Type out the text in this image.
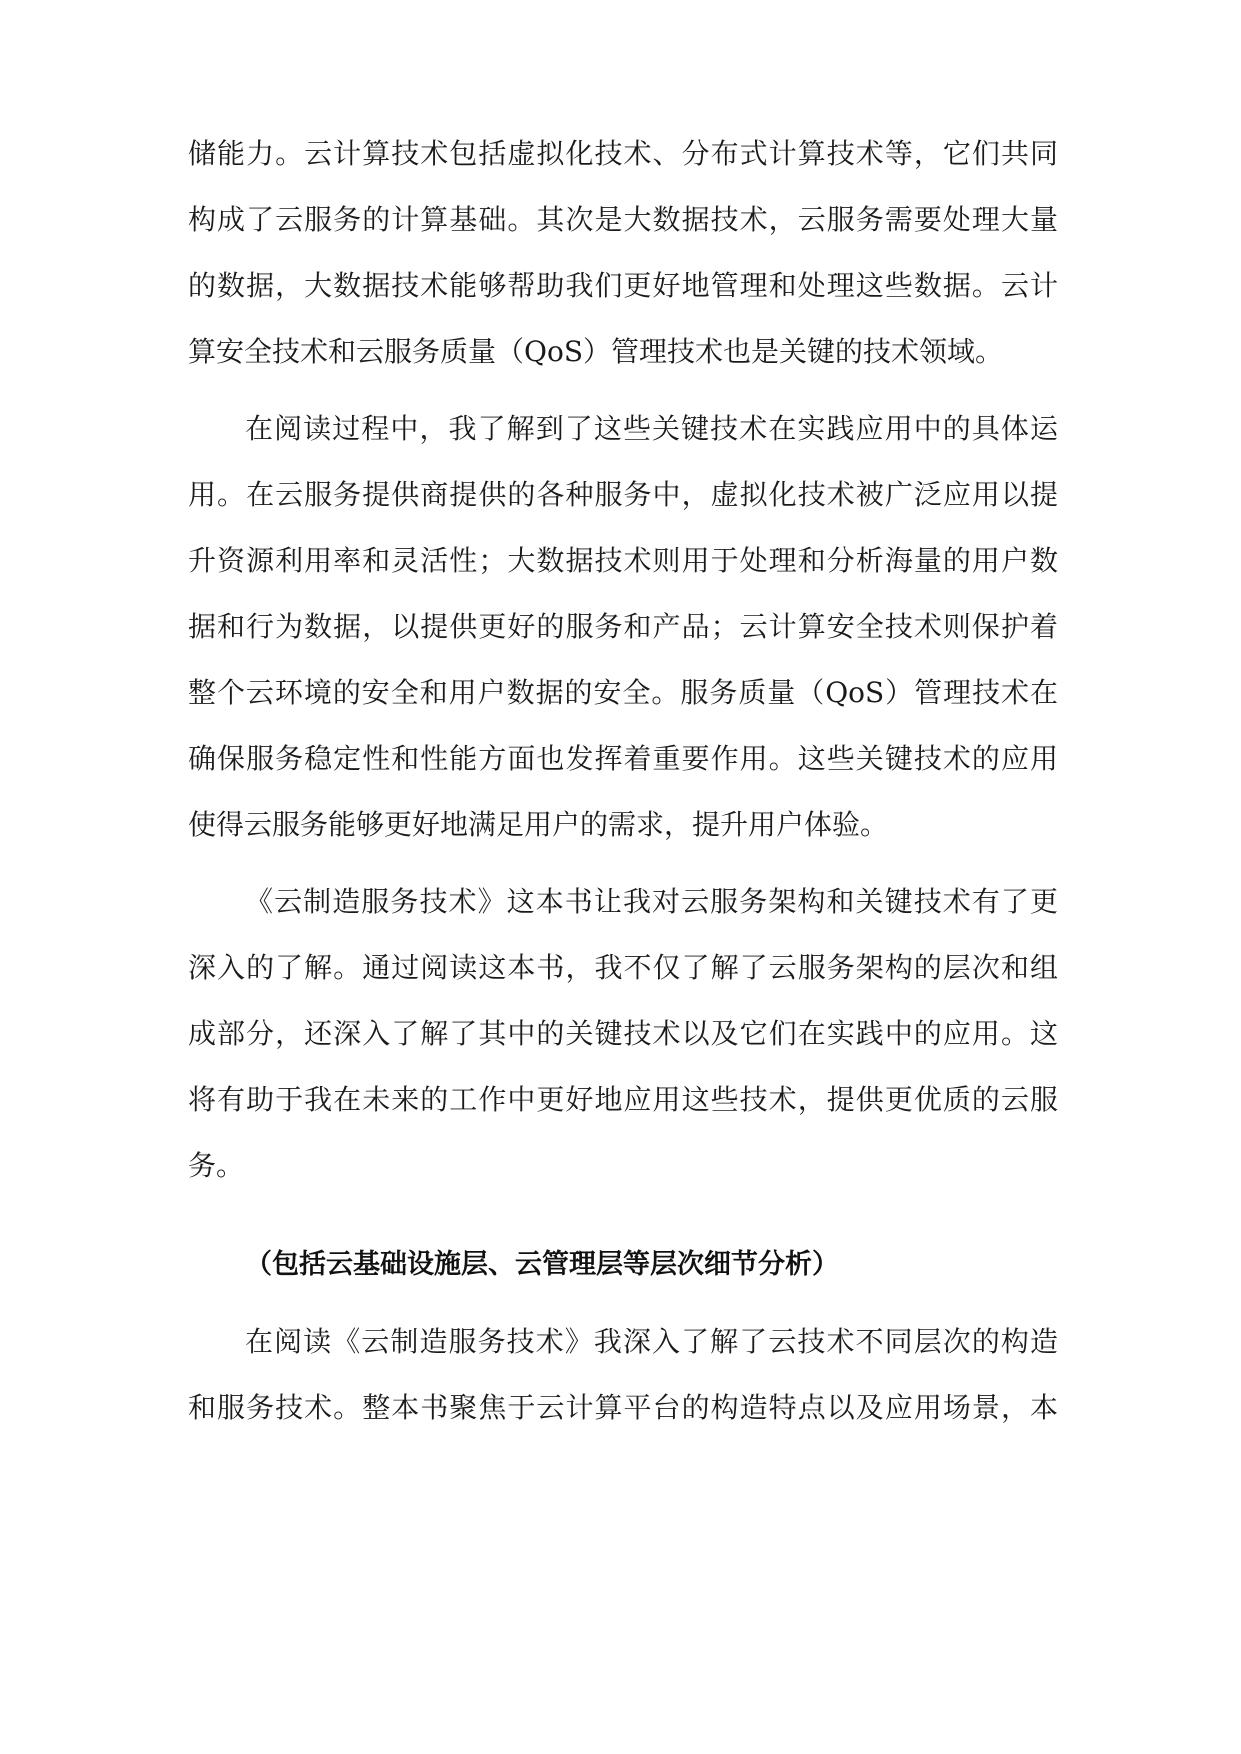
储能力。云计算技术包括虚拟化技术、分布式计算技术等，它们共同
构成了云服务的计算基础。其次是大数据技术，云服务需要处理大量
的数据，大数据技术能够帮助我们更好地管理和处理这些数据。云计
算安全技术和云服务质量（QoS）管理技术也是关键的技术领域。
在阅读过程中，我了解到了这些关键技术在实践应用中的具体运
用。在云服务提供商提供的各种服务中，虚拟化技术被广泛应用以提
升资源利用率和灵活性；大数据技术则用于处理和分析海量的用户数
据和行为数据，以提供更好的服务和产品；云计算安全技术则保护着
整个云环境的安全和用户数据的安全。服务质量（QoS）管理技术在
确保服务稳定性和性能方面也发挥着重要作用。这些关键技术的应用
使得云服务能够更好地满足用户的需求，提升用户体验。
《云制造服务技术》这本书让我对云服务架构和关键技术有了更
深入的了解。通过阅读这本书，我不仅了解了云服务架构的层次和组
成部分，还深入了解了其中的关键技术以及它们在实践中的应用。这
将有助于我在未来的工作中更好地应用这些技术，提供更优质的云服
务。
（包括云基础设施层、云管理层等层次细节分析）
在阅读《云制造服务技术》我深入了解了云技术不同层次的构造
和服务技术。整本书聚焦于云计算平台的构造特点以及应用场景，本
